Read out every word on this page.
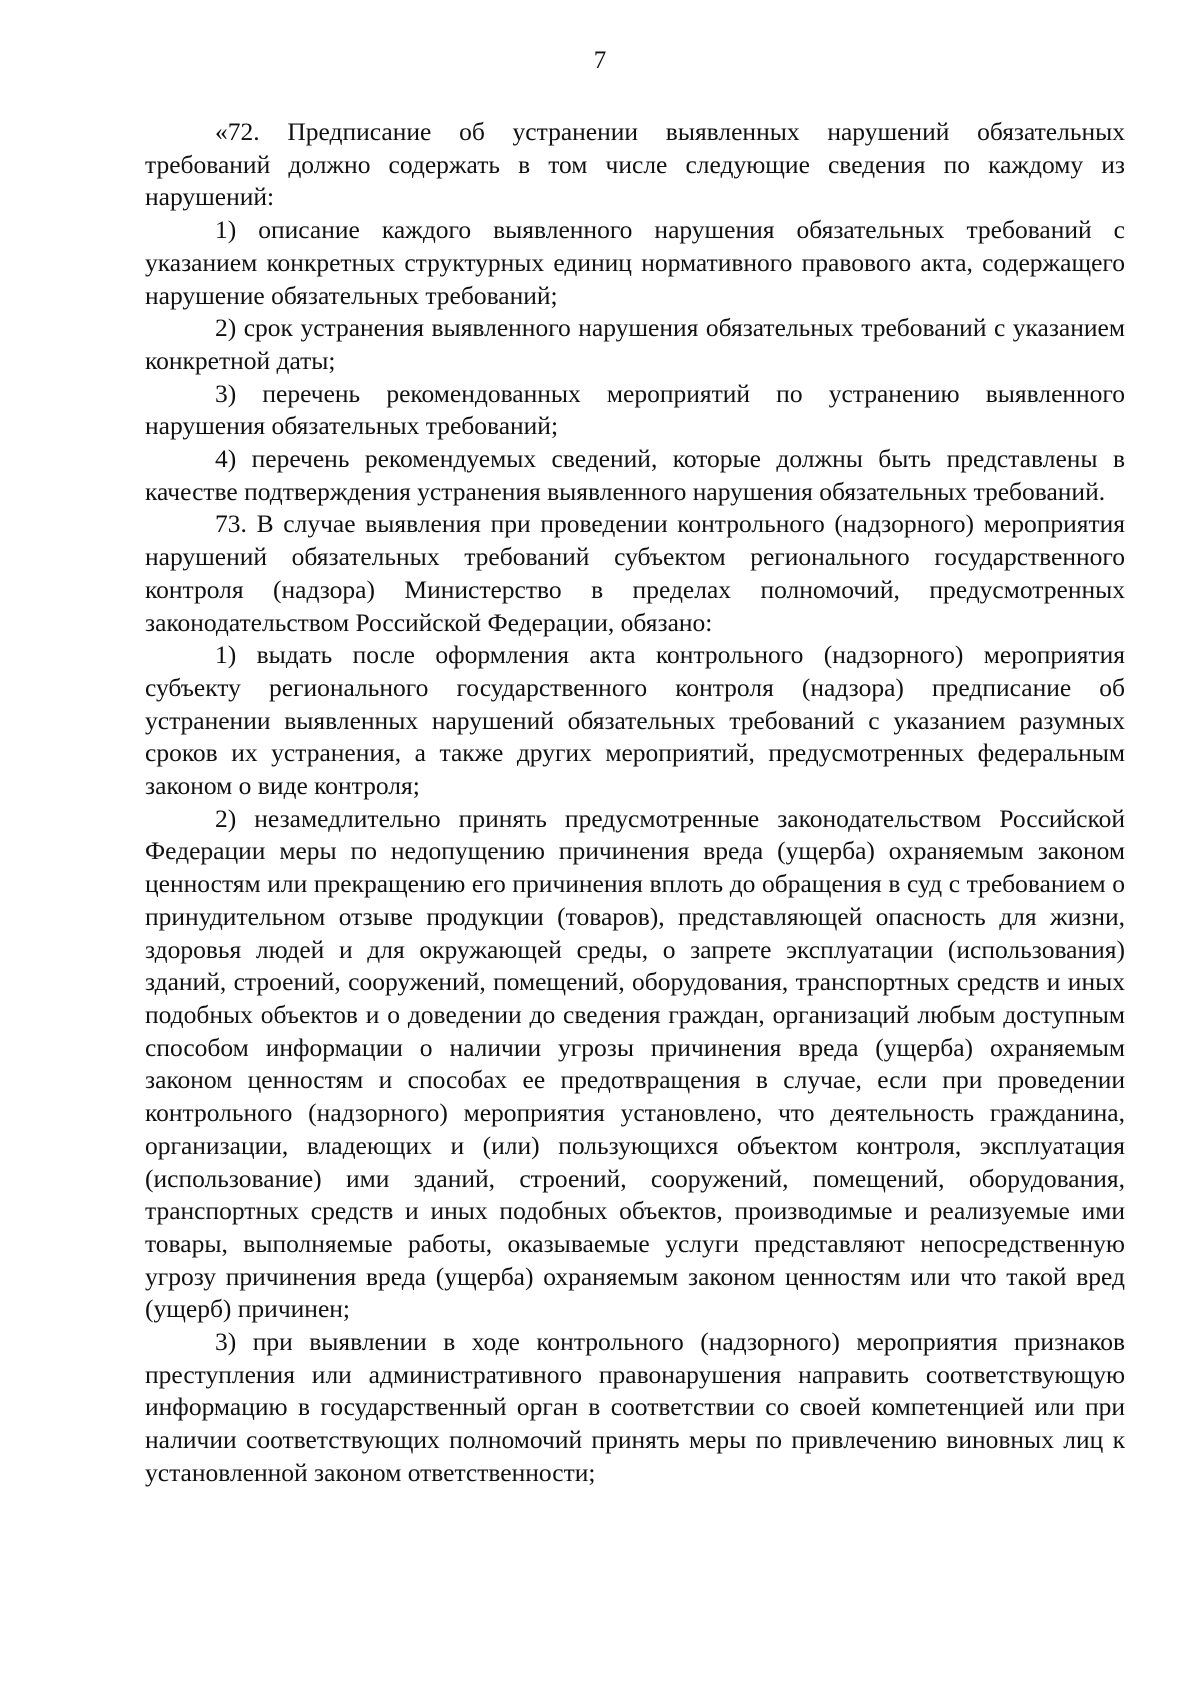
7

«72. Предписание об устранении выявленных нарушений обязательных требований должно содержать в том числе следующие сведения по каждому из нарушений:

1) описание каждого выявленного нарушения обязательных требований с указанием конкретных структурных единиц нормативного правового акта, содержащего нарушение обязательных требований;

2) срок устранения выявленного нарушения обязательных требований с указанием конкретной даты;

3) перечень рекомендованных мероприятий по устранению выявленного нарушения обязательных требований;

4) перечень рекомендуемых сведений, которые должны быть представлены в качестве подтверждения устранения выявленного нарушения обязательных требований.

73. В случае выявления при проведении контрольного (надзорного) мероприятия нарушений обязательных требований субъектом регионального государственного контроля (надзора) Министерство в пределах полномочий, предусмотренных законодательством Российской Федерации, обязано:

1) выдать после оформления акта контрольного (надзорного) мероприятия субъекту регионального государственного контроля (надзора) предписание об устранении выявленных нарушений обязательных требований с указанием разумных сроков их устранения, а также других мероприятий, предусмотренных федеральным законом о виде контроля;

2) незамедлительно принять предусмотренные законодательством Российской Федерации меры по недопущению причинения вреда (ущерба) охраняемым законом ценностям или прекращению его причинения вплоть до обращения в суд с требованием о принудительном отзыве продукции (товаров), представляющей опасность для жизни, здоровья людей и для окружающей среды, о запрете эксплуатации (использования) зданий, строений, сооружений, помещений, оборудования, транспортных средств и иных подобных объектов и о доведении до сведения граждан, организаций любым доступным способом информации о наличии угрозы причинения вреда (ущерба) охраняемым законом ценностям и способах ее предотвращения в случае, если при проведении контрольного (надзорного) мероприятия установлено, что деятельность гражданина, организации, владеющих и (или) пользующихся объектом контроля, эксплуатация (использование) ими зданий, строений, сооружений, помещений, оборудования, транспортных средств и иных подобных объектов, производимые и реализуемые ими товары, выполняемые работы, оказываемые услуги представляют непосредственную угрозу причинения вреда (ущерба) охраняемым законом ценностям или что такой вред (ущерб) причинен;

3) при выявлении в ходе контрольного (надзорного) мероприятия признаков преступления или административного правонарушения направить соответствующую информацию в государственный орган в соответствии со своей компетенцией или при наличии соответствующих полномочий принять меры по привлечению виновных лиц к установленной законом ответственности;
